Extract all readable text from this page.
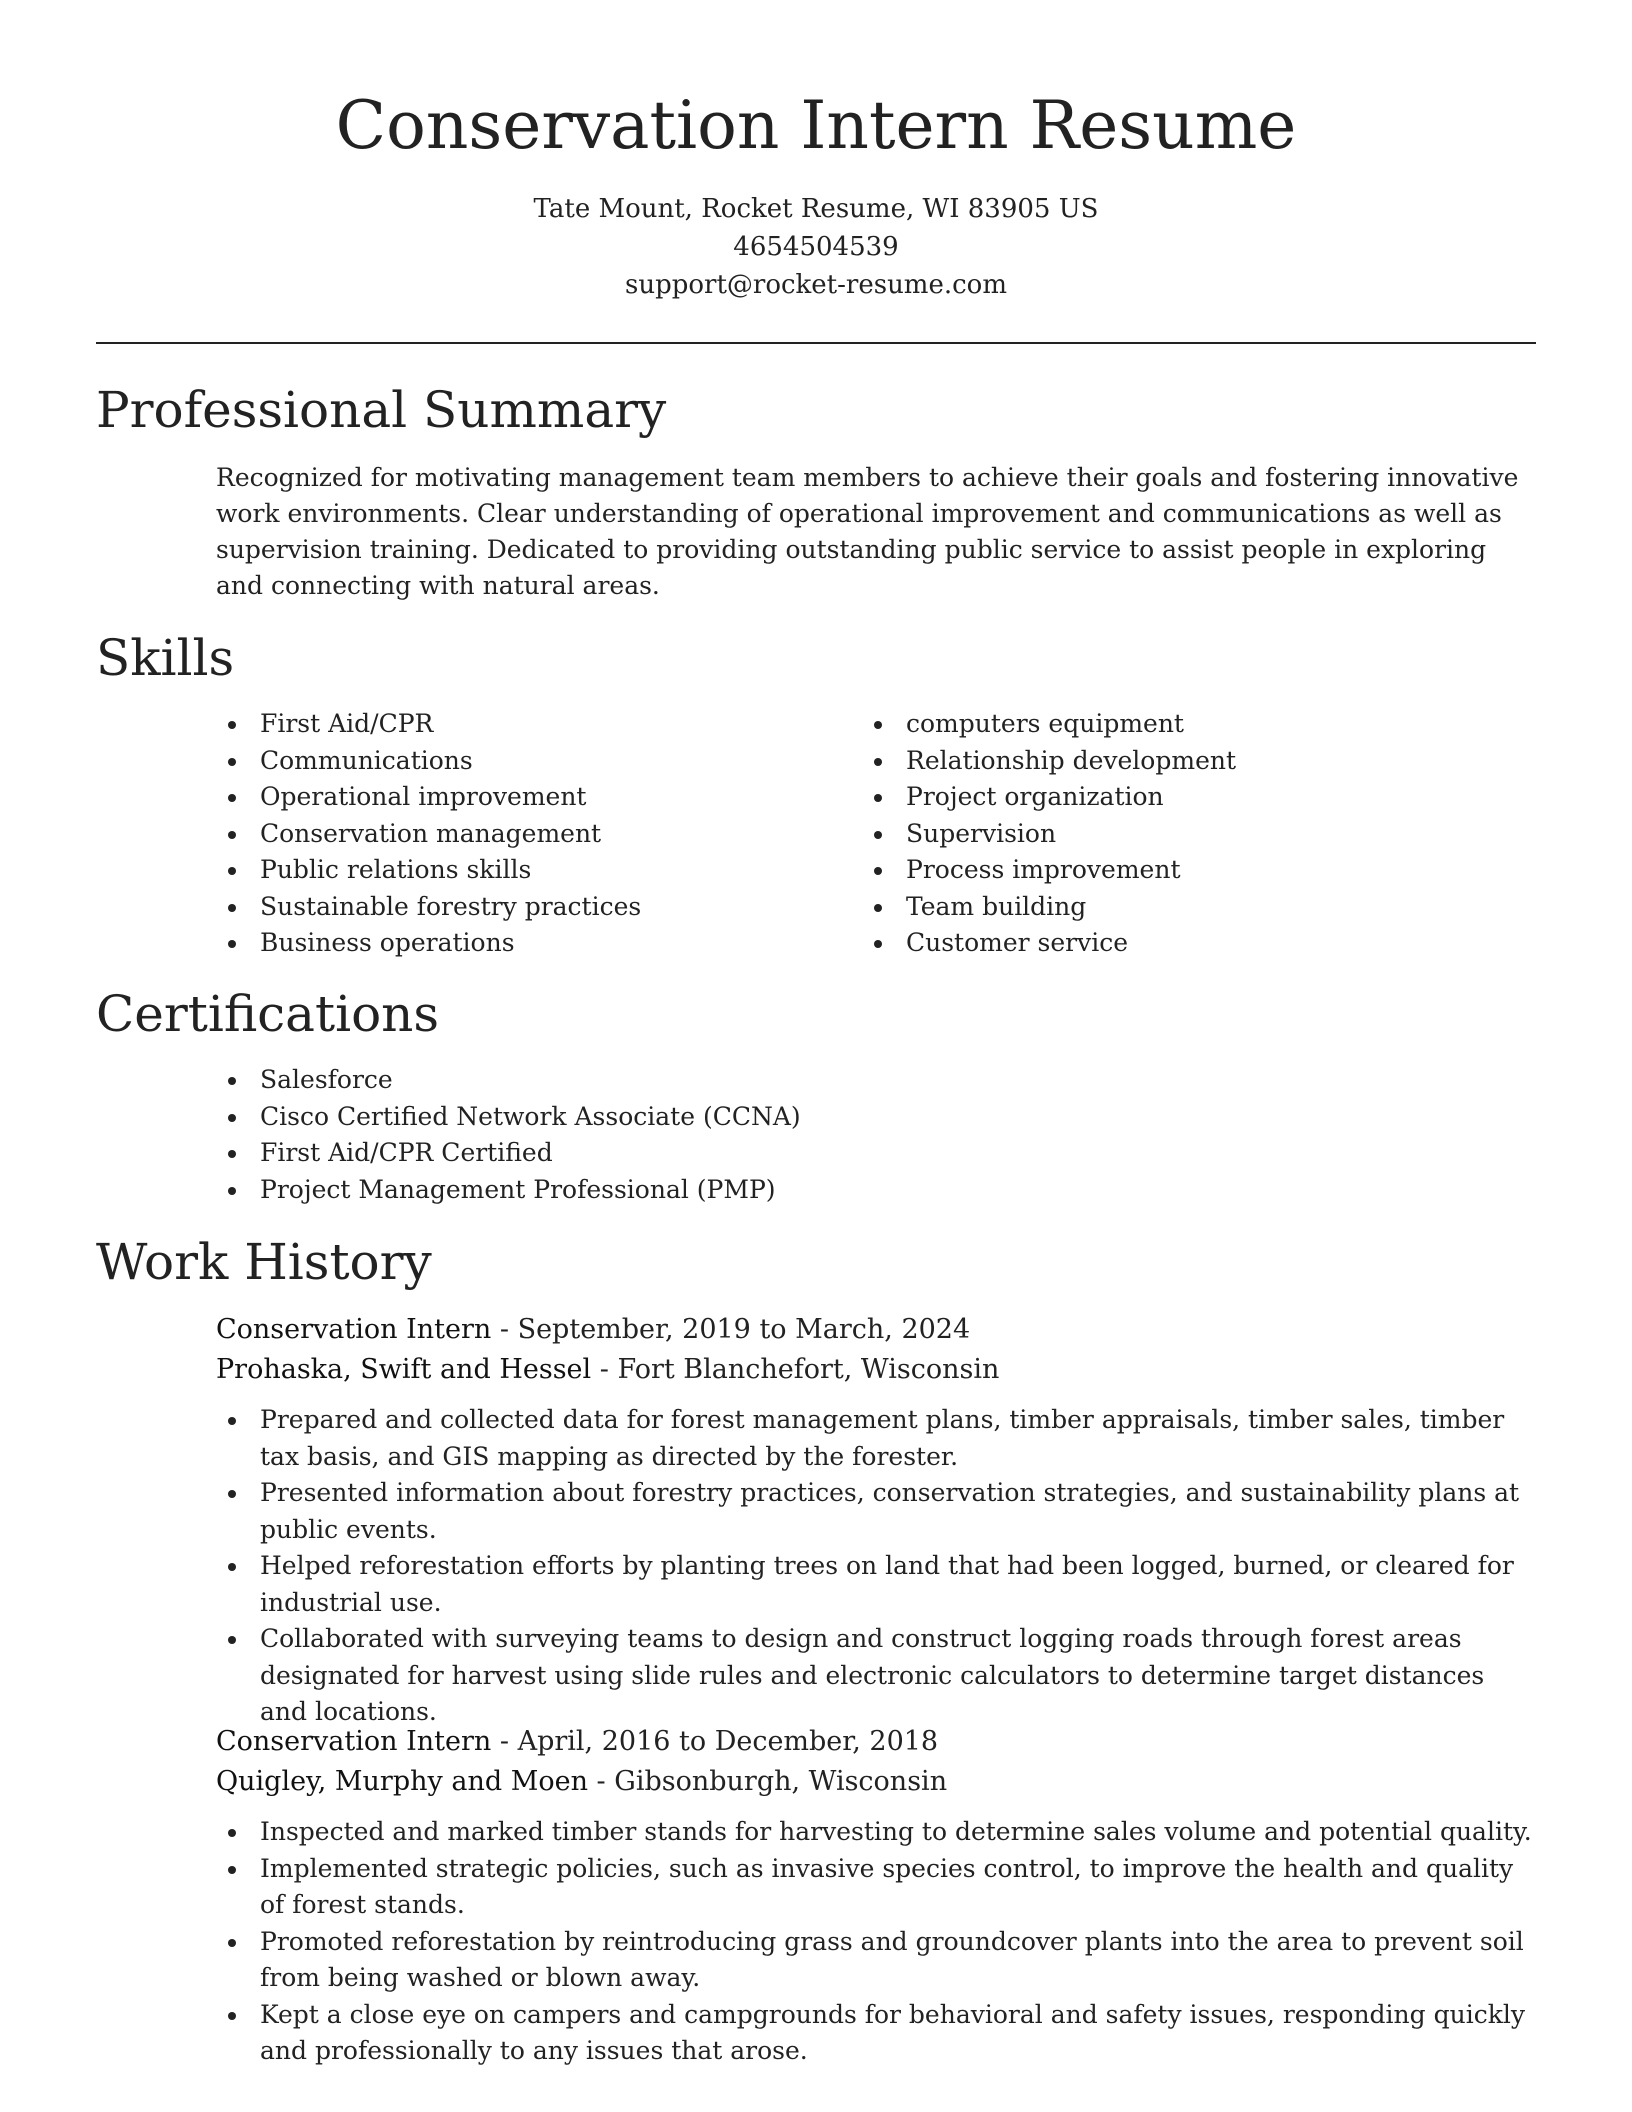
Conservation Intern Resume
Tate Mount, Rocket Resume, WI 83905 US
4654504539
support@rocket-resume.com
Professional Summary

Recognized for motivating management team members to achieve their goals and fostering innovative work environments. Clear understanding of operational improvement and communications as well as supervision training. Dedicated to providing outstanding public service to assist people in exploring and connecting with natural areas.

Skills
First Aid/CPR
Communications
Operational improvement
Conservation management
Public relations skills
Sustainable forestry practices
Business operations
computers equipment
Relationship development
Project organization
Supervision
Process improvement
Team building
Customer service
Certifications
Salesforce
Cisco Certified Network Associate (CCNA)
First Aid/CPR Certified
Project Management Professional (PMP)
Work History
Conservation Intern - September, 2019 to March, 2024
Prohaska, Swift and Hessel - Fort Blanchefort, Wisconsin
Prepared and collected data for forest management plans, timber appraisals, timber sales, timber tax basis, and GIS mapping as directed by the forester.
Presented information about forestry practices, conservation strategies, and sustainability plans at public events.
Helped reforestation efforts by planting trees on land that had been logged, burned, or cleared for industrial use.
Collaborated with surveying teams to design and construct logging roads through forest areas designated for harvest using slide rules and electronic calculators to determine target distances and locations.
Conservation Intern - April, 2016 to December, 2018
Quigley, Murphy and Moen - Gibsonburgh, Wisconsin
Inspected and marked timber stands for harvesting to determine sales volume and potential quality.
Implemented strategic policies, such as invasive species control, to improve the health and quality of forest stands.
Promoted reforestation by reintroducing grass and groundcover plants into the area to prevent soil from being washed or blown away.
Kept a close eye on campers and campgrounds for behavioral and safety issues, responding quickly and professionally to any issues that arose.
